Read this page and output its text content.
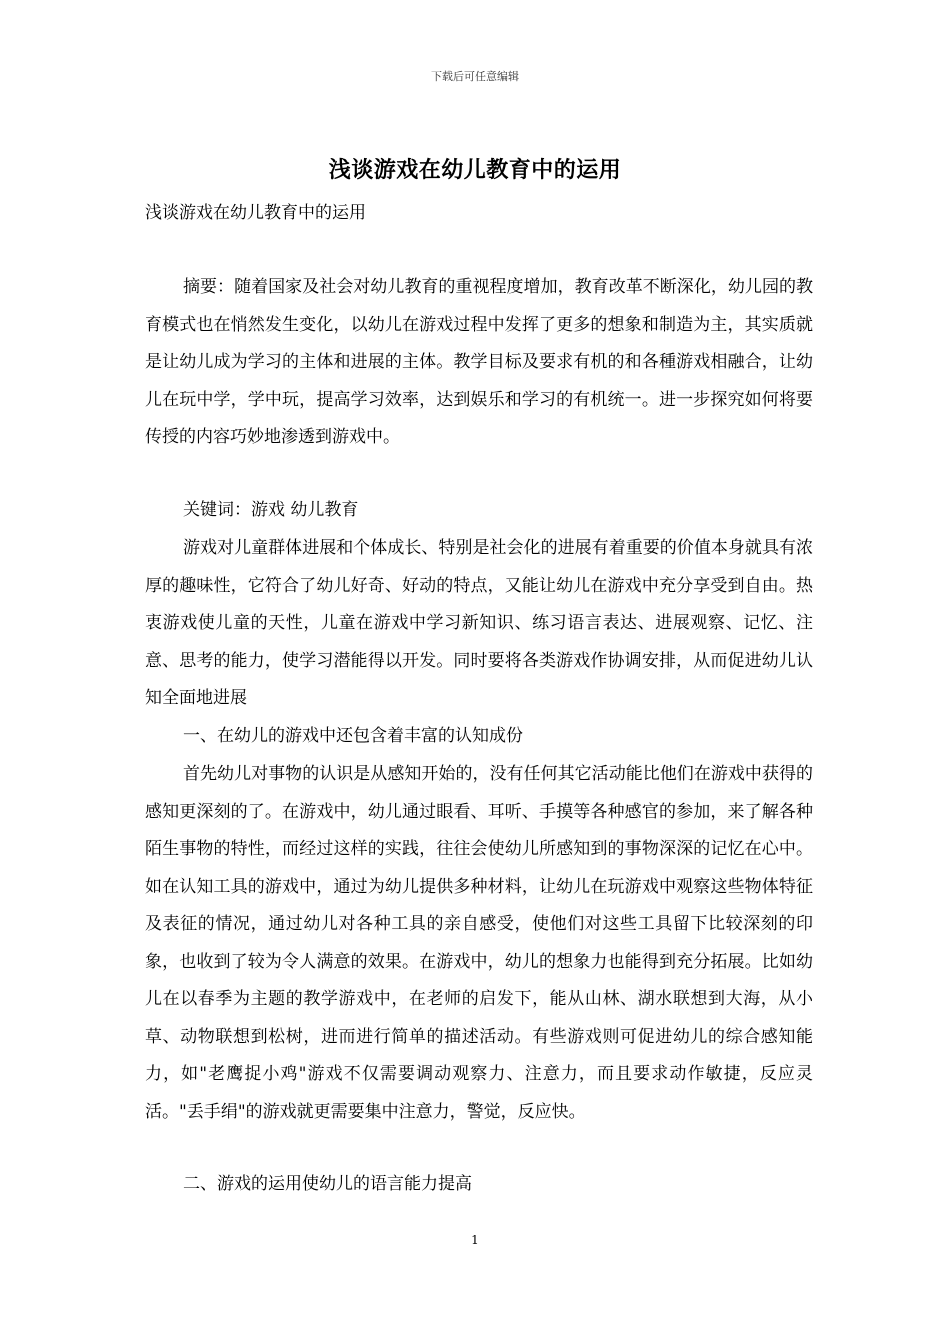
下载后可任意编辑
浅谈游戏在幼儿教育中的运用
浅谈游戏在幼儿教育中的运用

摘要：随着国家及社会对幼儿教育的重视程度增加，教育改革不断深化，幼儿园的教育模式也在悄然发生变化，以幼儿在游戏过程中发挥了更多的想象和制造为主，其实质就是让幼儿成为学习的主体和进展的主体。教学目标及要求有机的和各種游戏相融合，让幼儿在玩中学，学中玩，提高学习效率，达到娱乐和学习的有机统一。进一步探究如何将要传授的内容巧妙地渗透到游戏中。

关键词：游戏 幼儿教育

游戏对儿童群体进展和个体成长、特别是社会化的进展有着重要的价值本身就具有浓厚的趣味性，它符合了幼儿好奇、好动的特点，又能让幼儿在游戏中充分享受到自由。热衷游戏使儿童的天性，儿童在游戏中学习新知识、练习语言表达、进展观察、记忆、注意、思考的能力，使学习潜能得以开发。同时要将各类游戏作协调安排，从而促进幼儿认知全面地进展

一、在幼儿的游戏中还包含着丰富的认知成份

首先幼儿对事物的认识是从感知开始的，没有任何其它活动能比他们在游戏中获得的感知更深刻的了。在游戏中，幼儿通过眼看、耳听、手摸等各种感官的参加，来了解各种陌生事物的特性，而经过这样的实践，往往会使幼儿所感知到的事物深深的记忆在心中。如在认知工具的游戏中，通过为幼儿提供多种材料，让幼儿在玩游戏中观察这些物体特征及表征的情况，通过幼儿对各种工具的亲自感受，使他们对这些工具留下比较深刻的印象，也收到了较为令人满意的效果。在游戏中，幼儿的想象力也能得到充分拓展。比如幼儿在以春季为主题的教学游戏中，在老师的启发下，能从山林、湖水联想到大海，从小草、动物联想到松树，进而进行简单的描述活动。有些游戏则可促进幼儿的综合感知能力，如"老鹰捉小鸡"游戏不仅需要调动观察力、注意力，而且要求动作敏捷，反应灵活。"丢手绢"的游戏就更需要集中注意力，警觉，反应快。

二、游戏的运用使幼儿的语言能力提高

1
